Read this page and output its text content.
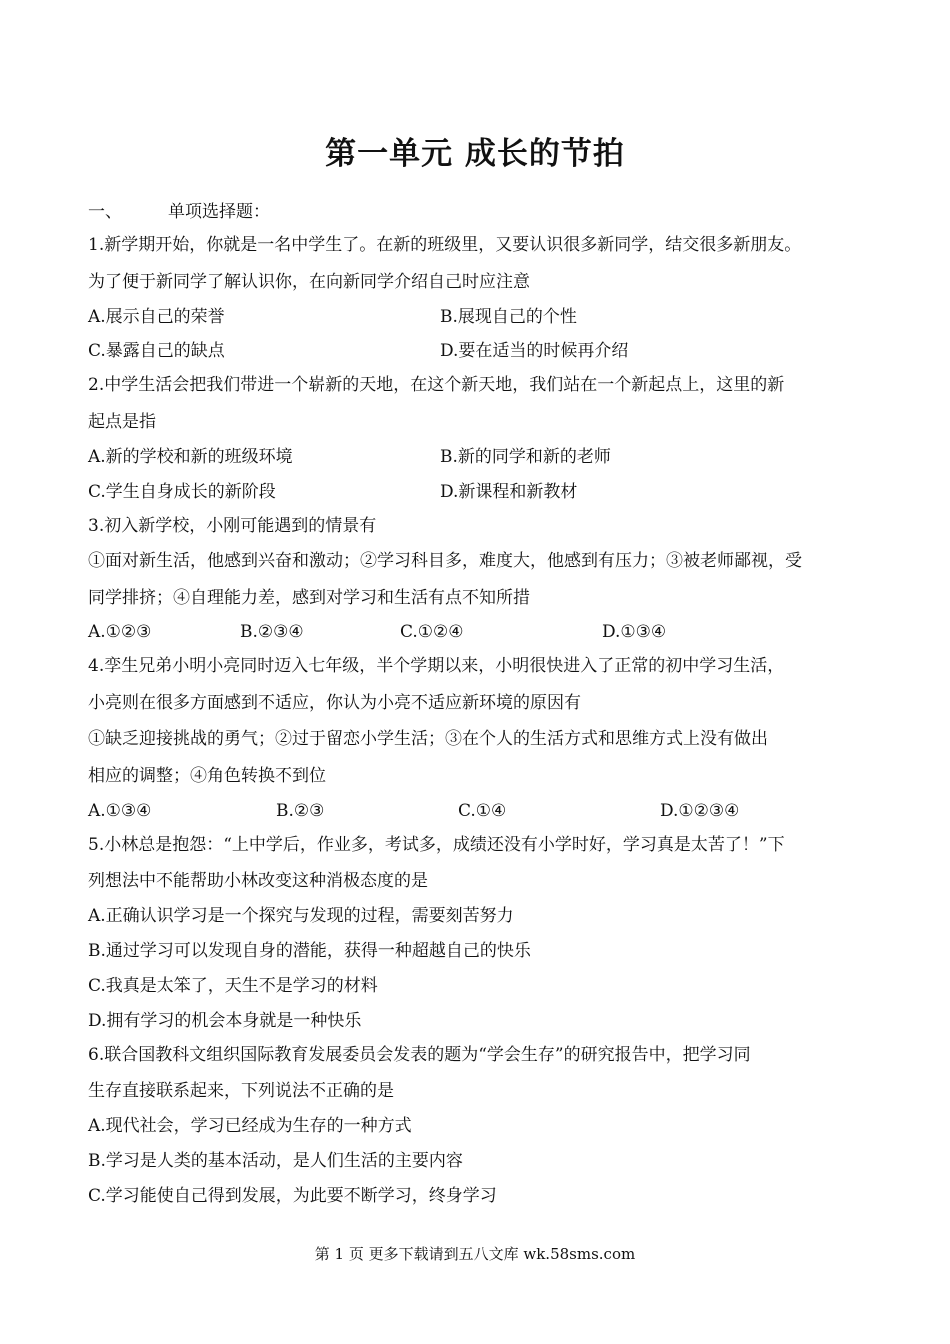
第一单元 成长的节拍
一、	单项选择题：
1.新学期开始，你就是一名中学生了。在新的班级里，又要认识很多新同学，结交很多新朋友。
为了便于新同学了解认识你，在向新同学介绍自己时应注意
A.展示自己的荣誉	B.展现自己的个性
C.暴露自己的缺点	D.要在适当的时候再介绍
2.中学生活会把我们带进一个崭新的天地，在这个新天地，我们站在一个新起点上，这里的新
起点是指
A.新的学校和新的班级环境	B.新的同学和新的老师
C.学生自身成长的新阶段	D.新课程和新教材
3.初入新学校，小刚可能遇到的情景有
①面对新生活，他感到兴奋和激动；②学习科目多，难度大，他感到有压力；③被老师鄙视，受
同学排挤；④自理能力差，感到对学习和生活有点不知所措
A.①②③	B.②③④	C.①②④	D.①③④
4.孪生兄弟小明小亮同时迈入七年级，半个学期以来，小明很快进入了正常的初中学习生活，
小亮则在很多方面感到不适应，你认为小亮不适应新环境的原因有
①缺乏迎接挑战的勇气；②过于留恋小学生活；③在个人的生活方式和思维方式上没有做出
相应的调整；④角色转换不到位
A.①③④	B.②③	C.①④	D.①②③④
5.小林总是抱怨：“上中学后，作业多，考试多，成绩还没有小学时好，学习真是太苦了！”下
列想法中不能帮助小林改变这种消极态度的是
A.正确认识学习是一个探究与发现的过程，需要刻苦努力
B.通过学习可以发现自身的潜能，获得一种超越自己的快乐
C.我真是太笨了，天生不是学习的材料
D.拥有学习的机会本身就是一种快乐
6.联合国教科文组织国际教育发展委员会发表的题为“学会生存”的研究报告中，把学习同
生存直接联系起来，下列说法不正确的是
A.现代社会，学习已经成为生存的一种方式
B.学习是人类的基本活动，是人们生活的主要内容
C.学习能使自己得到发展，为此要不断学习，终身学习
第 1 页 更多下载请到五八文库 wk.58sms.com
